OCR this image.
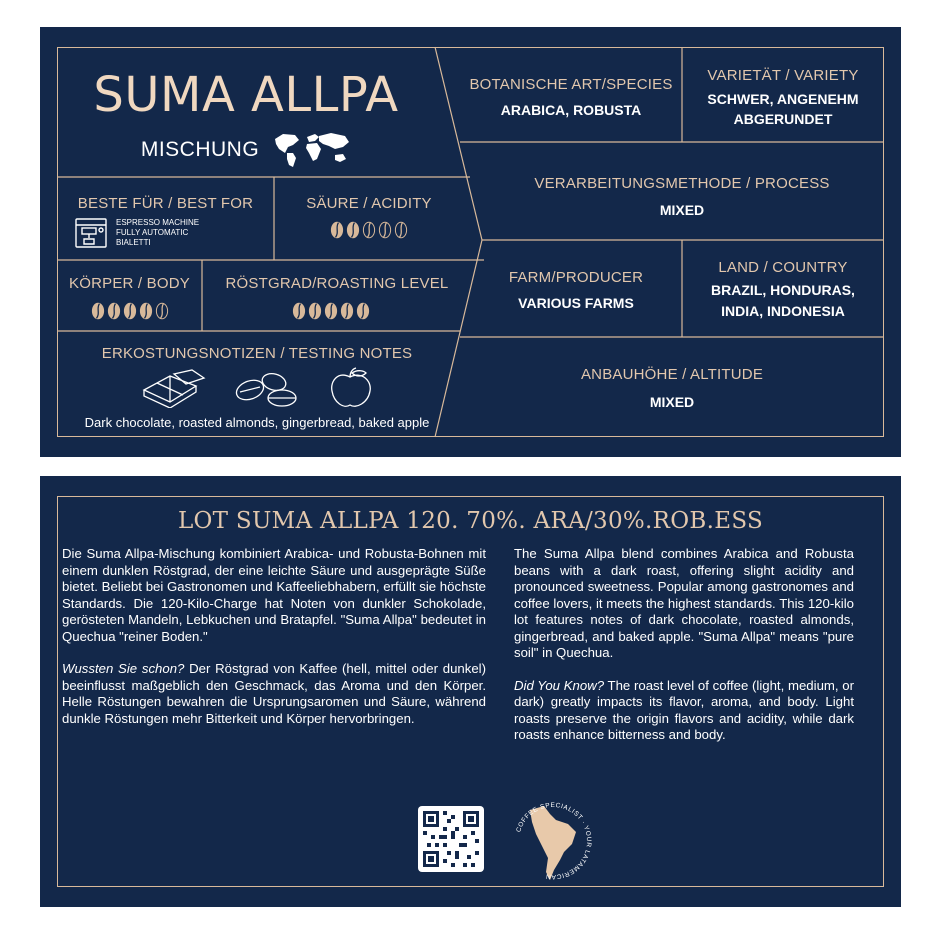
SUMA ALLPA
MISCHUNG
BESTE FÜR / BEST FOR
ESPRESSO MACHINE
FULLY AUTOMATIC
BIALETTI
SÄURE / ACIDITY
KÖRPER / BODY	RÖSTGRAD/ROASTING LEVEL
ERKOSTUNGSNOTIZEN / TESTING NOTES
Dark chocolate, roasted almonds, gingerbread, baked apple
BOTANISCHE ART/SPECIES
ARABICA, ROBUSTA
VARIETÄT / VARIETY
SCHWER, ANGENEHM
ABGERUNDET
VERARBEITUNGSMETHODE / PROCESS
MIXED
FARM/PRODUCER
VARIOUS FARMS
LAND / COUNTRY
BRAZIL, HONDURAS,
INDIA, INDONESIA
ANBAUHÖHE / ALTITUDE
MIXED
LOT SUMA ALLPA 120. 70%. ARA/30%.ROB.ESS

Die Suma Allpa-Mischung kombiniert Arabica- und Robusta-Bohnen mit einem dunklen Röstgrad, der eine leichte Säure und ausgeprägte Süße bietet. Beliebt bei Gastronomen und Kaffeeliebhabern, erfüllt sie höchste Standards. Die 120-Kilo-Charge hat Noten von dunkler Schokolade, gerösteten Mandeln, Lebkuchen und Bratapfel. "Suma Allpa" bedeutet in Quechua "reiner Boden."

Wussten Sie schon? Der Röstgrad von Kaffee (hell, mittel oder dunkel) beeinflusst maßgeblich den Geschmack, das Aroma und den Körper. Helle Röstungen bewahren die Ursprungsaromen und Säure, während dunkle Röstungen mehr Bitterkeit und Körper hervorbringen.

The Suma Allpa blend combines Arabica and Robusta beans with a dark roast, offering slight acidity and pronounced sweetness. Popular among gastronomes and coffee lovers, it meets the highest standards. This 120-kilo lot features notes of dark chocolate, roasted almonds, gingerbread, and baked apple. "Suma Allpa" means "pure soil" in Quechua.

Did You Know? The roast level of coffee (light, medium, or dark) greatly impacts its flavor, aroma, and body. Light roasts preserve the origin flavors and acidity, while dark roasts enhance bitterness and body.

COFFEE SPECIALIST · YOUR LATAMERICAN
